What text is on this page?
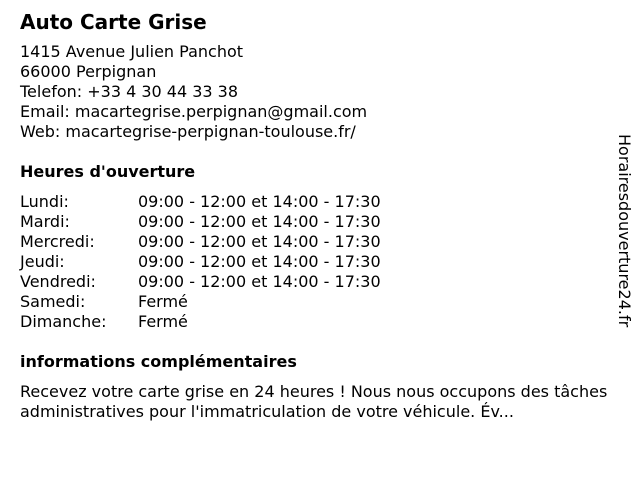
Auto Carte Grise
1415 Avenue Julien Panchot
66000 Perpignan
Telefon: +33 4 30 44 33 38
Email: macartegrise.perpignan@gmail.com
Web: macartegrise-perpignan-toulouse.fr/
Heures d'ouverture
Lundi:	09:00 - 12:00 et 14:00 - 17:30
Mardi:	09:00 - 12:00 et 14:00 - 17:30
Mercredi:	09:00 - 12:00 et 14:00 - 17:30
Jeudi:	09:00 - 12:00 et 14:00 - 17:30
Vendredi:	09:00 - 12:00 et 14:00 - 17:30
Samedi:	Fermé
Dimanche:	Fermé
informations complémentaires
Recevez votre carte grise en 24 heures ! Nous nous occupons des tâches administratives pour l'immatriculation de votre véhicule. Év...
Horairesdouverture24.fr
